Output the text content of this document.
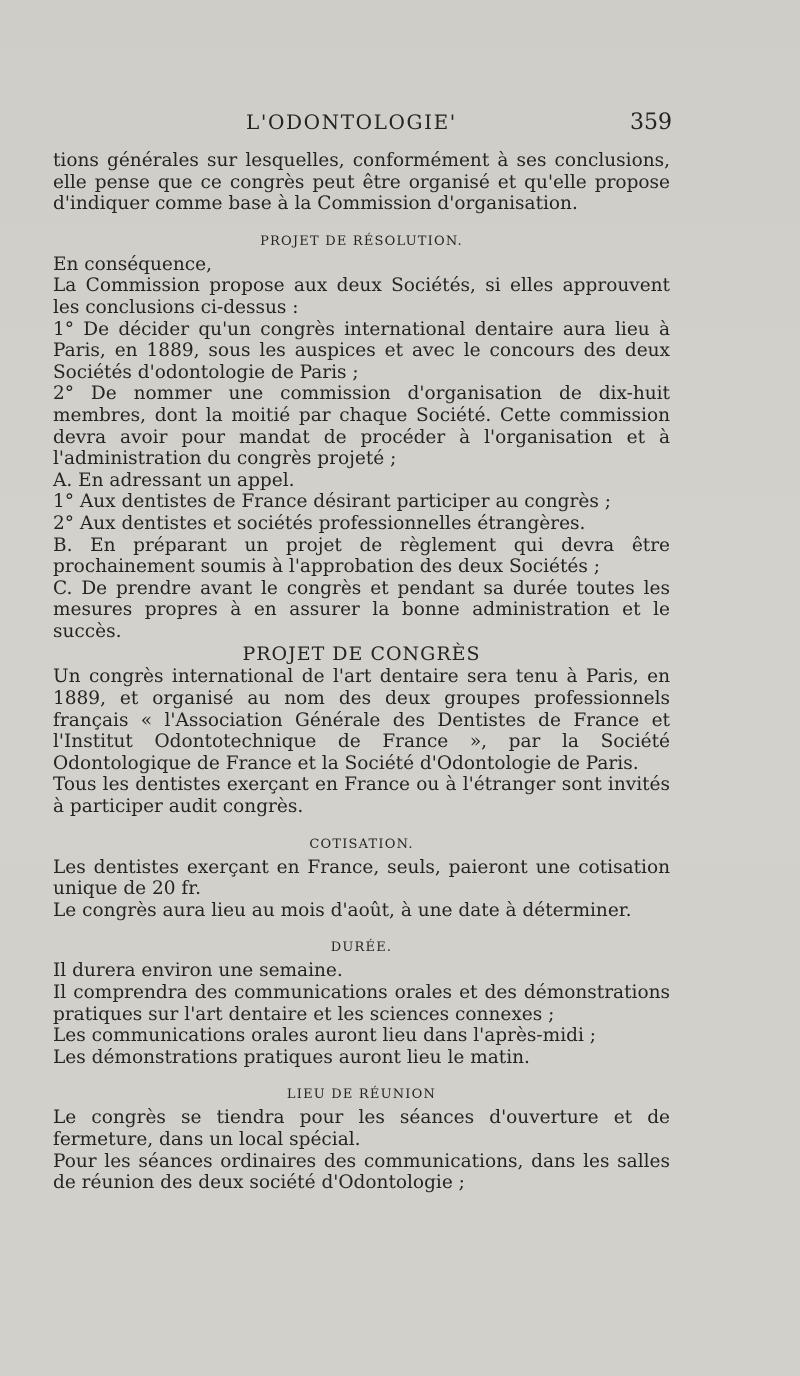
L'ODONTOLOGIE'	359

tions générales sur lesquelles, conformément à ses conclusions, elle pense que ce congrès peut être organisé et qu'elle propose d'indiquer comme base à la Commission d'organisation.

PROJET DE RÉSOLUTION.

En conséquence,

La Commission propose aux deux Sociétés, si elles approuvent les conclusions ci-dessus :

1° De décider qu'un congrès international dentaire aura lieu à Paris, en 1889, sous les auspices et avec le concours des deux Sociétés d'odontologie de Paris ;

2° De nommer une commission d'organisation de dix-huit membres, dont la moitié par chaque Société. Cette commission devra avoir pour mandat de procéder à l'organisation et à l'administration du congrès projeté ;

A. En adressant un appel.

1° Aux dentistes de France désirant participer au congrès ;

2° Aux dentistes et sociétés professionnelles étrangères.

B. En préparant un projet de règlement qui devra être prochainement soumis à l'approbation des deux Sociétés ;

C. De prendre avant le congrès et pendant sa durée toutes les mesures propres à en assurer la bonne administration et le succès.

PROJET DE CONGRÈS

Un congrès international de l'art dentaire sera tenu à Paris, en 1889, et organisé au nom des deux groupes professionnels français « l'Association Générale des Dentistes de France et l'Institut Odontotechnique de France », par la Société Odontologique de France et la Société d'Odontologie de Paris.

Tous les dentistes exerçant en France ou à l'étranger sont invités à participer audit congrès.

COTISATION.

Les dentistes exerçant en France, seuls, paieront une cotisation unique de 20 fr.

Le congrès aura lieu au mois d'août, à une date à déterminer.

DURÉE.

Il durera environ une semaine.

Il comprendra des communications orales et des démonstrations pratiques sur l'art dentaire et les sciences connexes ;

Les communications orales auront lieu dans l'après-midi ;

Les démonstrations pratiques auront lieu le matin.

LIEU DE RÉUNION

Le congrès se tiendra pour les séances d'ouverture et de fermeture, dans un local spécial.

Pour les séances ordinaires des communications, dans les salles de réunion des deux société d'Odontologie ;
